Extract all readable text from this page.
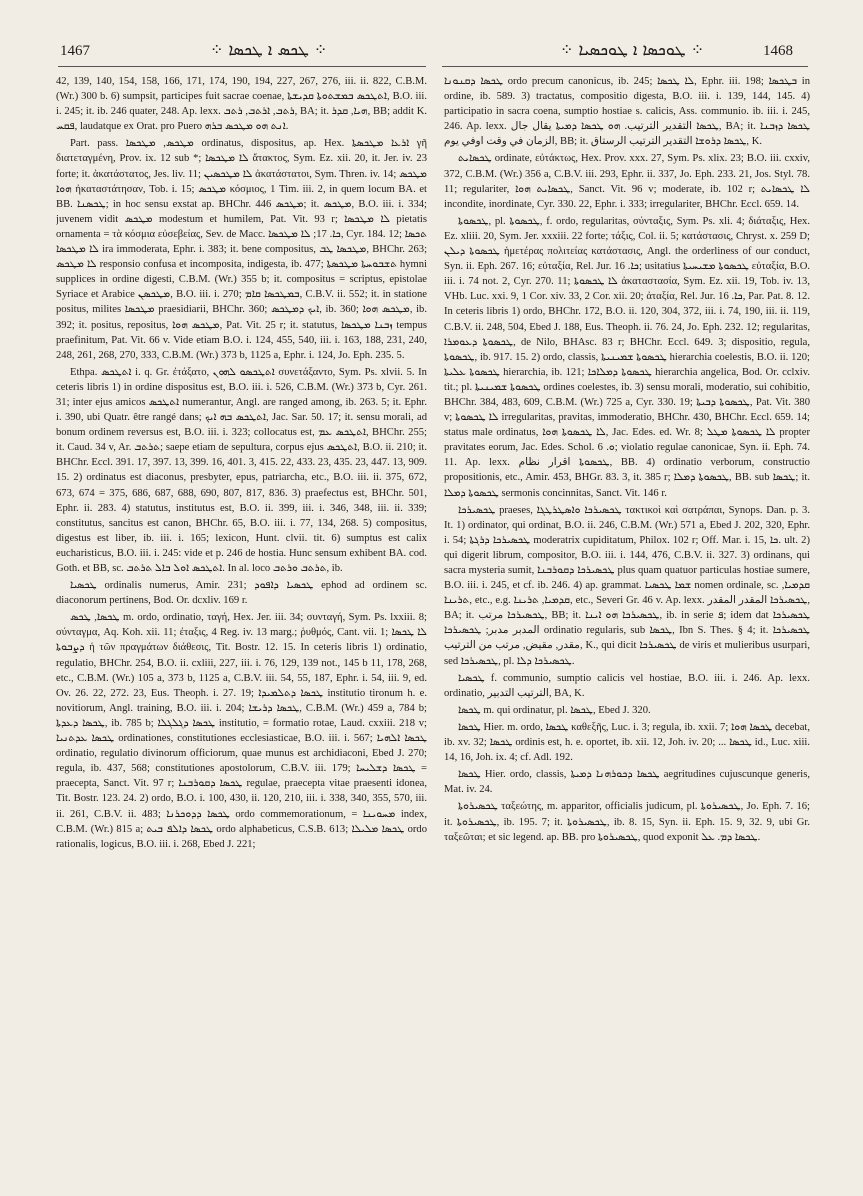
1467	⁘ ܛܟܣ ܐ ܛܟܣܐ ⁘	⁘ ܛܘܟܣܐ ܐ ܛܘܟܣܝܐ ⁘	1468

42, 139, 140, 154, 158, 166, 171, 174, 190, 194, 227, 267, 276, iii. ii. 822, C.B.M. (Wr.) 300 b. 6) sumpsit, participes fuit sacrae coenae, ܐܬܛܟܣ ܒܡܫܬܘܬܐ ܩܕܝܫܬܐ, B.O. iii. i. 245; it. ib. 246 quater, 248. Ap. lexx. ܪܬܒ, ܐܪܬܒ, ܪܬܒ, BA; it. ܗܝܐ, ܩܕܪ, BB; addit K. ܦܩܚ, laudatque ex Orat. pro Puero ܐܢܬ ܗܘ ܡܛܟܣ ܒܪܗ.

Part. pass. ܡܛܟܣ, ܡܛܟܣܐ ordinatus, dispositus, ap. Hex. ܐܪܥܐ ܡܛܟܣܬܐ γῆ διατεταγμένη, Prov. ix. 12 sub *; ܠܐ ܡܛܟܣܐ ἄτακτος, Sym. Ez. xii. 20, it. Jer. iv. 23 forte; it. ἀκατάστατος, Jes. liv. 11; ܠܐ ܡܛܟܣܝܢ ἀκατάστατοι, Sym. Thren. iv. 14; ܡܛܟܣ ܗܘܐ ἠκαταστάτησαν, Tob. i. 15; ܡܛܟܣ κόσμιος, 1 Tim. iii. 2, in quem locum BA. et BB. ܛܟܣܢܐ; in hoc sensu exstat ap. BHChr. 446 ܡܛܟܣ; it. ܡܛܟܣ, B.O. iii. i. 334; juvenem vidit ܡܛܟܣ modestum et humilem, Pat. Vit. 93 r; ܠܐ ܡܛܟܣܐ pietatis ornamenta = τὰ κόσμια εὐσεβείας, Sev. de Macc. ܟܐ. 17; ܠܐ ܡܛܟܣܐ, Cyr. 184. 12; ܬܟܣܐ ܠܐ ܡܛܟܣܐ ira immoderata, Ephr. i. 383; it. bene compositus, ܡܛܟܣܐ ܛܒ, BHChr. 263; ܠܐ ܡܛܟܣ responsio confusa et incomposita, indigesta, ib. 477; ܬܫܒܘܚܬܐ ܡܛܟܣܬܐ hymni supplices in ordine digesti, C.B.M. (Wr.) 355 b; it. compositus = scriptus, epistolae Syriace et Arabice ܡܛܟܣܢ, B.O. iii. i. 270; ܒܡܛܟܣܐ ܩܐܡ, C.B.V. ii. 552; it. in statione positus, milites ܡܛܟܣܐ praesidiarii, BHChr. 360; ܐܝܟ ܕܡܛܟܣ, ib. 360; ܡܛܟܣ ܗܘܐ, ib. 392; it. positus, repositus, ܡܛܟܣ ܗܘܐ, Pat. Vit. 25 r; it. statutus, ܙܒܢܐ ܡܛܟܣܐ tempus praefinitum, Pat. Vit. 66 v. Vide etiam B.O. i. 124, 455, 540, iii. i. 163, 188, 231, 240, 248, 261, 268, 270, 333, C.B.M. (Wr.) 373 b, 1125 a, Ephr. i. 124, Jo. Eph. 235. 5.

Ethpa. ܐܬܛܟܣ i. q. Gr. ἐτάξατο, ܐܬܛܟܣܘ ܠܗܘܢ συνετάξαντο, Sym. Ps. xlvii. 5. In ceteris libris 1) in ordine dispositus est, B.O. iii. i. 526, C.B.M. (Wr.) 373 b, Cyr. 261. 31; inter ejus amicos ܐܬܛܟܣ numerantur, Angl. are ranged among, ib. 263. 5; it. Ephr. i. 390, ubi Quatr. être rangé dans; ܐܬܛܟܣ ܒܗ ܐܝܟ, Jac. Sar. 50. 17; it. sensu morali, ad bonum ordinem reversus est, B.O. iii. i. 323; collocatus est, ܐܬܛܟܣ ܥܡ, BHChr. 255; it. Caud. 34 v, Ar. ܬܪܬܒ; saepe etiam de sepultura, corpus ejus ܐܬܛܟܣ, B.O. ii. 210; it. BHChr. Eccl. 391. 17, 397. 13, 399. 16, 401. 3, 415. 22, 433. 23, 435. 23, 447. 13, 909. 15. 2) ordinatus est diaconus, presbyter, epus, patriarcha, etc., B.O. iii. ii. 375, 672, 673, 674 = 375, 686, 687, 688, 690, 807, 817, 836. 3) praefectus est, BHChr. 501, Ephr. ii. 283. 4) statutus, institutus est, B.O. ii. 399, iii. i. 346, 348, iii. ii. 339; constitutus, sancitus est canon, BHChr. 65, B.O. iii. i. 77, 134, 268. 5) compositus, digestus est liber, ib. iii. i. 165; lexicon, Hunt. clvii. tit. 6) sumptus est calix eucharisticus, B.O. iii. i. 245: vide et p. 246 de hostia. Hunc sensum exhibent BA. cod. Goth. et BB, sc. ܐܬܛܟܣ ܐܘܠ ܒܐܠ ܬܪܬܒ. In al. loco ܬܪܬܒ ܘܪܬܒ, ib.

ܛܟܣܝܐ ordinalis numerus, Amir. 231; ܛܟܣܝܐ ܕܐܦܘܕ ephod ad ordinem sc. diaconorum pertinens, Bod. Or. dcxliv. 169 r.

ܛܟܣܐ, ܛܟܣ m. ordo, ordinatio, ταγή, Hex. Jer. iii. 34; συνταγή, Sym. Ps. lxxiii. 8; σύνταγμα, Aq. Koh. xii. 11; ἐταξις, 4 Reg. iv. 13 marg.; ῥυθμός, Cant. vii. 1; ܠܐ ܛܟܣܐ ܕܨܒܘܬܐ ἡ τῶν πραγμάτων διάθεσις, Tit. Bostr. 12. 15. In ceteris libris 1) ordinatio, regulatio, BHChr. 254, B.O. ii. cxliii, 227, iii. i. 76, 129, 139 not., 145 b 11, 178, 268, etc., C.B.M. (Wr.) 105 a, 373 b, 1125 a, C.B.V. iii. 54, 55, 187, Ephr. i. 54, iii. 9, ed. Ov. 26. 22, 272. 23, Eus. Theoph. i. 27. 19; ܛܟܣܐ ܕܬܠܡܝܕܐ institutio tironum h. e. novitiorum, Angl. training, B.O. iii. i. 204; ܛܟܣܐ ܕܪܝܫܐ, C.B.M. (Wr.) 459 a, 784 b; ܛܟܣܐ ܕܥܕܬܐ, ib. 785 b; ܛܟܣܐ ܕܓܠܓܠܐ institutio, = formatio rotae, Laud. cxxiii. 218 v; ܛܟܣܐ ܥܕܬܢܝܐ ordinationes, constitutiones ecclesiasticae, B.O. iii. i. 567; ܛܟܣܐ ܐܠܗܝܐ ordinatio, regulatio divinorum officiorum, quae munus est archidiaconi, Ebed J. 270; regula, ib. 437, 568; constitutiones apostolorum, C.B.V. iii. 179; ܛܟܣܐ ܕܫܠܝܚܐ = praecepta, Sanct. Vit. 97 r; ܛܟܣܐ ܕܩܘܪܒܢܐ regulae, praecepta vitae praesenti idonea, Tit. Bostr. 123. 24. 2) ordo, B.O. i. 100, 430, ii. 120, 210, iii. i. 338, 340, 355, 570, iii. ii. 261, C.B.V. ii. 483; ܛܟܣܐ ܕܕܘܟܪܢܐ ordo commemorationum, = ܡܚܘܝܢܐ index, C.B.M. (Wr.) 815 a; ܛܟܣܐ ܕܐܠܦ ܒܝܬ ordo alphabeticus, C.S.B. 613; ܛܟܣܐ ܡܠܝܠܐ ordo rationalis, logicus, B.O. iii. i. 268, Ebed J. 221;

ܛܟܣܐ ܕܩܢܘܢܐ ordo precum canonicus, ib. 245; ܠܐ ܛܟܣܐ, Ephr. iii. 198; ܒܛܟܣܐ in ordine, ib. 589. 3) tractatus, compositio digesta, B.O. iii. i. 139, 144, 145. 4) participatio in sacra coena, sumptio hostiae s. calicis, Ass. communio. ib. iii. i. 245, 246. Ap. lexx. ܛܟܣܐ التقدير الترتيب. ܗܘ ܛܟܣܐ ܕܡܝܬܐ يقال جال, BA; it. ܛܟܣܐ ܕܙܒܢܐ الزمان في وقت اوفي يوم, BB; it. ܛܟܣܐ ܕܪܘܫܐ التقدير الترتيب الرستاق, K.

ܛܟܣܐܝܬ ordinate, εὐτάκτως, Hex. Prov. xxx. 27, Sym. Ps. xlix. 23; B.O. iii. cxxiv, 372, C.B.M. (Wr.) 356 a, C.B.V. iii. 293, Ephr. ii. 337, Jo. Eph. 233. 21, Jos. Styl. 78. 11; regulariter, ܛܟܣܐܝܬ ܗܘܐ, Sanct. Vit. 96 v; moderate, ib. 102 r; ܠܐ ܛܟܣܐܝܬ incondite, inordinate, Cyr. 330. 22, Ephr. i. 333; irregulariter, BHChr. Eccl. 659. 14.

ܛܟܣܘܬܐ, pl. ܛܟܣܘܬܐ, f. ordo, regularitas, σύνταξις, Sym. Ps. xli. 4; διάταξις, Hex. Ez. xliii. 20, Sym. Jer. xxxiii. 22 forte; τάξις, Col. ii. 5; κατάστασις, Chryst. x. 259 D; ܛܟܣܘܬܐ ܕܝܠܢ ἡμετέρας πολιτείας κατάστασις, Angl. the orderliness of our conduct, Syn. ii. Eph. 267. 16; εὐταξία, Rel. Jur. ܟܐ. 16; usitatius ܛܟܣܘܬܐ ܡܫܝܚܝܬܐ εὐταξία, B.O. iii. i. 74 not. 2, Cyr. 270. 11; ܠܐ ܛܟܣܘܬܐ ἀκαταστασία, Sym. Ez. xii. 19, Tob. iv. 13, VHb. Luc. xxi. 9, 1 Cor. xiv. 33, 2 Cor. xii. 20; ἀταξία, Rel. Jur. ܟܐ. 16, Par. Pat. 8. 12. In ceteris libris 1) ordo, BHChr. 172, B.O. ii. 120, 304, 372, iii. i. 74, 190, iii. ii. 119, C.B.V. ii. 248, 504, Ebed J. 188, Eus. Theoph. ii. 76. 24, Jo. Eph. 232. 12; regularitas, ܛܟܣܘܬܐ ܕܥܘܡܪܐ, de Nilo, BHAsc. 83 r; BHChr. Eccl. 649. 3; dispositio, regula, ܛܟܣܘܬܐ, ib. 917. 15. 2) ordo, classis, ܛܟܣܘܬܐ ܫܡܝܢܝܬܐ hierarchia coelestis, B.O. ii. 120; ܛܟܣܘܬܐ ܥܠܝܬܐ hierarchia, ib. 121; ܛܟܣܘܬܐ ܕܡܠܐܟܐ hierarchia angelica, Bod. Or. cclxiv. tit.; pl. ܛܟܣܘܬܐ ܫܡܝܢܝܬܐ ordines coelestes, ib. 3) sensu morali, moderatio, sui cohibitio, BHChr. 384, 483, 609, C.B.M. (Wr.) 725 a, Cyr. 330. 19; ܛܟܣܘܬܐ ܕܒܝܬܐ, Pat. Vit. 380 v; ܠܐ ܛܟܣܘܬܐ irregularitas, pravitas, immoderatio, BHChr. 430, BHChr. Eccl. 659. 14; status male ordinatus, ܠܐ ܛܟܣܘܬܐ ܗܘܐ, Jac. Edes. ed. Wr. 8; ܠܐ ܛܟܣܘܬܐ ܡܛܠ propter pravitates eorum, Jac. Edes. Schol. ܘ. 6; violatio regulae canonicae, Syn. ii. Eph. 74. 11. Ap. lexx. ܛܟܣܘܬܐ اقرار نظام, BB. 4) ordinatio verborum, constructio propositionis, etc., Amir. 453, BHGr. 83. 3, it. 385 r; ܛܟܣܘܬܐ ܕܡܠܐ, BB. sub ܛܟܣܐ; it. ܛܟܣܘܬܐ ܕܡܠܐ sermonis concinnitas, Sanct. Vit. 146 r.

ܛܟܣܝܪܟܐ praeses, ܛܟܣܝܪܟܐ ܘܐܣܛܪܛܓܐ τακτικοὶ καὶ σατράπαι, Synops. Dan. p. 3. It. 1) ordinator, qui ordinat, B.O. ii. 246, C.B.M. (Wr.) 571 a, Ebed J. 202, 320, Ephr. i. 54; ܛܟܣܝܪܟܐ ܕܪܓܬܐ moderatrix cupiditatum, Philox. 102 r; Off. Mar. i. 15, ܟܐ. ult. 2) qui digerit librum, compositor, B.O. iii. i. 144, 476, C.B.V. ii. 327. 3) ordinans, qui sacra mysteria sumit, ܛܟܣܝܪܟܐ ܕܩܘܪܒܢܐ plus quam quatuor particulas hostiae sumere, B.O. iii. i. 245, et cf. ib. 246. 4) ap. grammat. ܫܡܐ ܛܟܣܝܐ nomen ordinale, sc. ܩܕܡܝܐ, ܬܪܝܢܐ, etc., e.g. ܩܕܡܝܐ, ܬܪܝܢܐ, etc., Severi Gr. 46 v. Ap. lexx. ܛܟܣܝܪܟܐ المقدر المقدر, BA; it. ܛܟܣܝܪܟܐ مرتب, BB; it. ܛܟܣܝܪܟܐ ܗܘ ܐܝܢܐ, ib. in serie ܦ; idem dat ܛܟܣܝܪܟܐ المدبر مدبر; ܛܟܣܝܪܟܐ ordinatio regularis, sub ܛܟܣܐ, Ibn S. Thes. § 4; it. ܛܟܣܝܪܟܐ مقدر, مقيض, مرتب من الترتيب, K., qui dicit ܛܟܣܝܪܟܐ de viris et mulieribus usurpari, sed ܛܟܣܝܪܟܐ, pl. ܛܟܣܝܪܟܐ ܕܠܐ.

ܛܟܣܝܐ f. communio, sumptio calicis vel hostiae, B.O. iii. i. 246. Ap. lexx. ordinatio, الترتيب التدبير, BA, K.

ܛܟܣܐ m. qui ordinatur, pl. ܛܟܣܐ, Ebed J. 320.

ܛܟܣܐ Hier. m. ordo, ܛܟܣܐ καθεξῆς, Luc. i. 3; regula, ib. xxii. 7; ܛܟܣܐ ܗܘܐ decebat, ib. xv. 32; ܛܟܣܐ ordinis est, h. e. oportet, ib. xii. 12, Joh. iv. 20; ... ܛܟܣܐ id., Luc. xiii. 14, 16, Joh. ix. 4; cf. Adl. 192.

ܛܟܣܐ Hier. ordo, classis, ܛܟܣܐ ܕܟܘܪܗܢܐ ܕܡܝܬܐ aegritudines cujuscunque generis, Mat. iv. 24.

ܛܟܣܝܪܘܬܐ ταξεώτης, m. apparitor, officialis judicum, pl. ܛܟܣܝܪܘܬܐ, Jo. Eph. 7. 16; it. ܛܟܣܝܪܘܬܐ, ib. 195. 7; it. ܛܟܣܝܪܘܬܐ, ib. 8. 15, Syn. ii. Eph. 15. 9, 32. 9, ubi Gr. ταξεῶται; et sic legend. ap. BB. pro ܛܟܣܝܪܘܬܐ, quod exponit ܛܟܣܐ ܕܡ. ܥܠ.
